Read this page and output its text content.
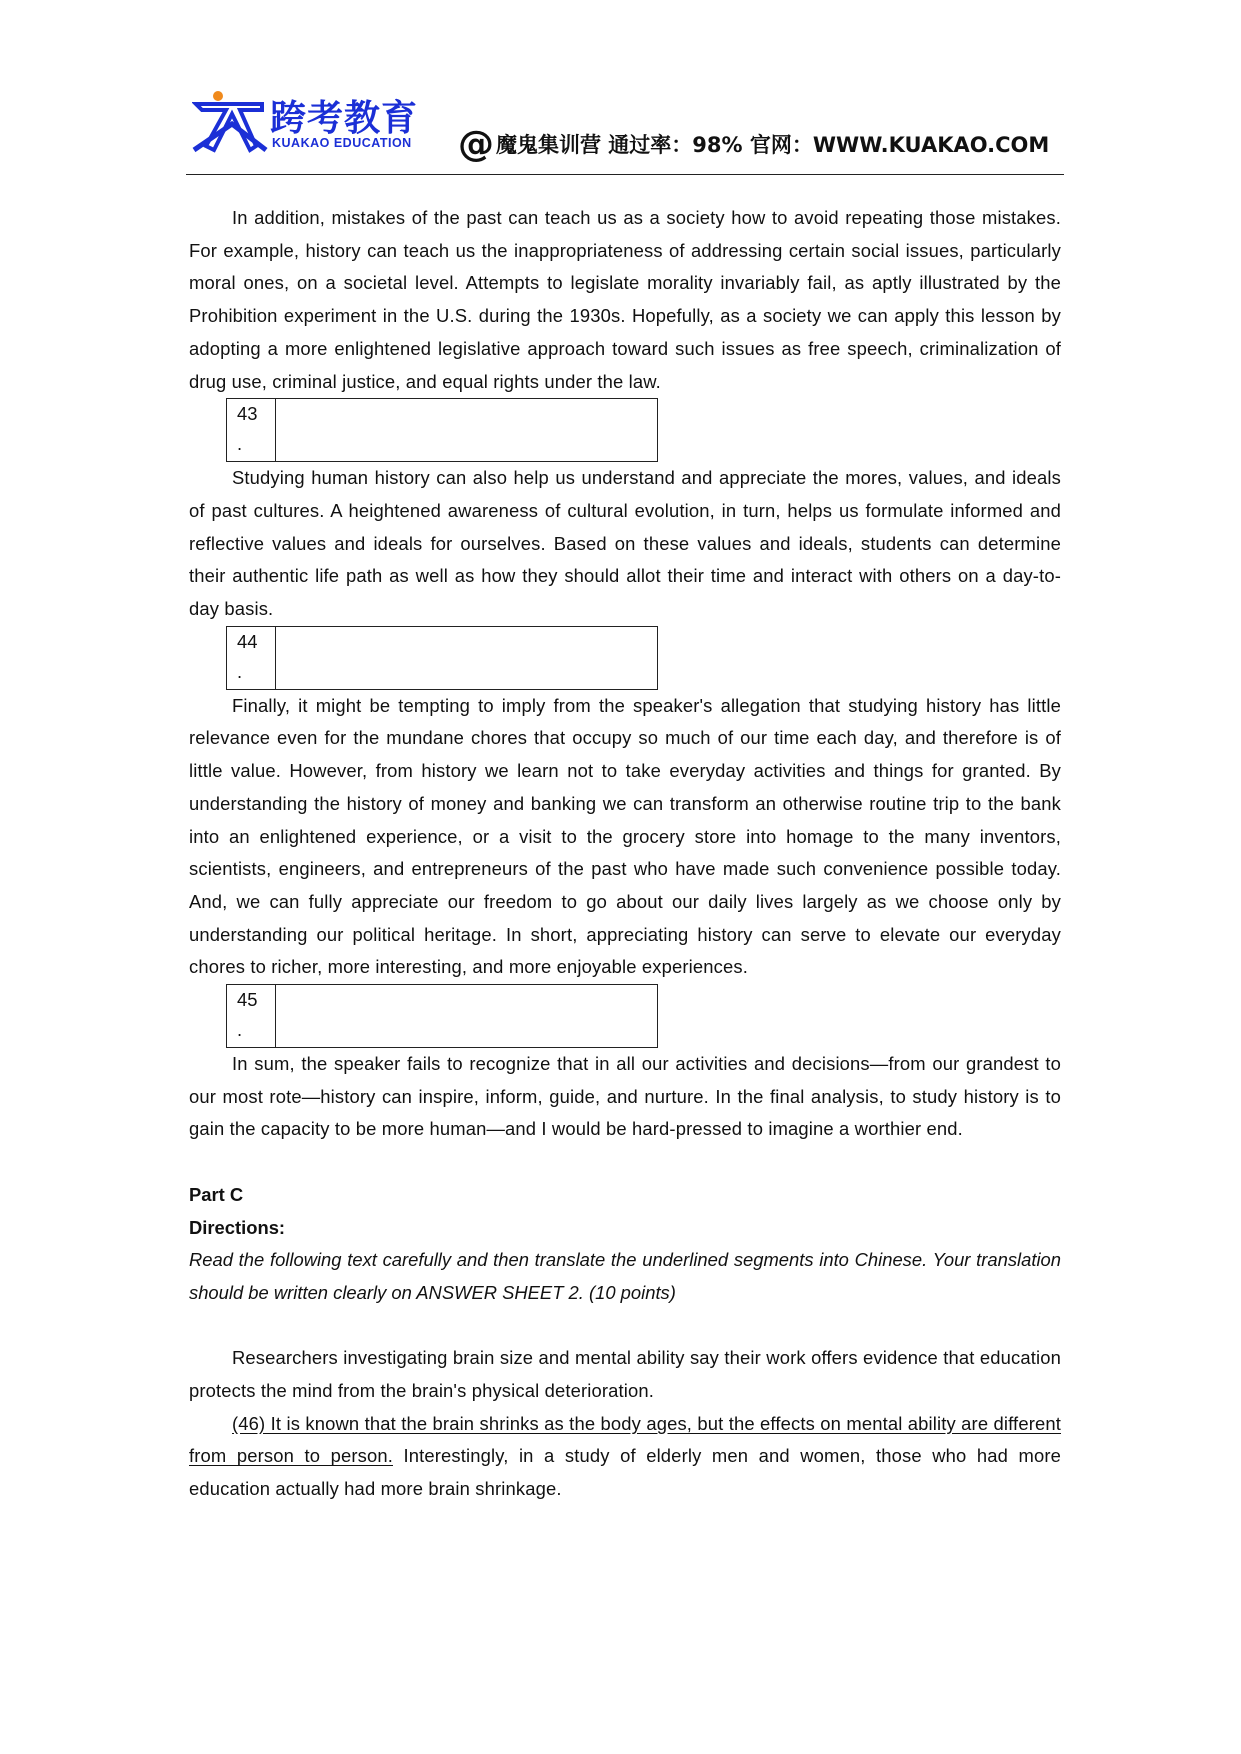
跨考教育
KUAKAO EDUCATION @魔鬼集训营 通过率：98% 官网：WWW.KUAKAO.COM

In addition, mistakes of the past can teach us as a society how to avoid repeating those mistakes. For example, history can teach us the inappropriateness of addressing certain social issues, particularly moral ones, on a societal level. Attempts to legislate morality invariably fail, as aptly illustrated by the Prohibition experiment in the U.S. during the 1930s. Hopefully, as a society we can apply this lesson by adopting a more enlightened legislative approach toward such issues as free speech, criminalization of drug use, criminal justice, and equal rights under the law.

43
.

Studying human history can also help us understand and appreciate the mores, values, and ideals of past cultures. A heightened awareness of cultural evolution, in turn, helps us formulate informed and reflective values and ideals for ourselves. Based on these values and ideals, students can determine their authentic life path as well as how they should allot their time and interact with others on a day-to-day basis.

44
.

Finally, it might be tempting to imply from the speaker's allegation that studying history has little relevance even for the mundane chores that occupy so much of our time each day, and therefore is of little value. However, from history we learn not to take everyday activities and things for granted. By understanding the history of money and banking we can transform an otherwise routine trip to the bank into an enlightened experience, or a visit to the grocery store into homage to the many inventors, scientists, engineers, and entrepreneurs of the past who have made such convenience possible today. And, we can fully appreciate our freedom to go about our daily lives largely as we choose only by understanding our political heritage. In short, appreciating history can serve to elevate our everyday chores to richer, more interesting, and more enjoyable experiences.

45
.

In sum, the speaker fails to recognize that in all our activities and decisions—from our grandest to our most rote—history can inspire, inform, guide, and nurture. In the final analysis, to study history is to gain the capacity to be more human—and I would be hard-pressed to imagine a worthier end.

Part C

Directions:

Read the following text carefully and then translate the underlined segments into Chinese. Your translation should be written clearly on ANSWER SHEET 2. (10 points)

Researchers investigating brain size and mental ability say their work offers evidence that education protects the mind from the brain's physical deterioration.

(46) It is known that the brain shrinks as the body ages, but the effects on mental ability are different from person to person. Interestingly, in a study of elderly men and women, those who had more education actually had more brain shrinkage.
